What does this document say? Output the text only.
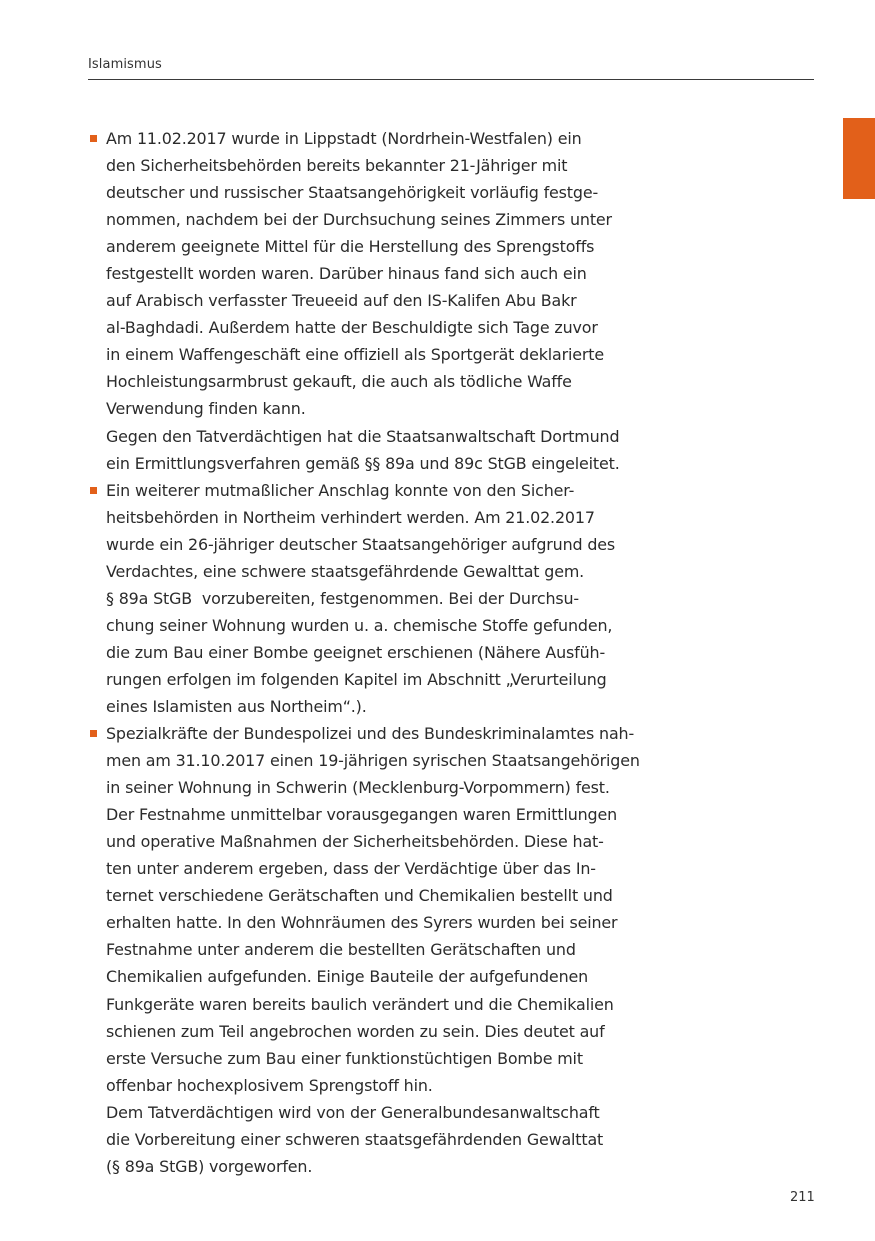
Islamismus
Am 11.02.2017 wurde in Lippstadt (Nordrhein-Westfalen) ein
den Sicherheitsbehörden bereits bekannter 21-Jähriger mit
deutscher und russischer Staatsangehörigkeit vorläufig festge-
nommen, nachdem bei der Durchsuchung seines Zimmers unter
anderem geeignete Mittel für die Herstellung des Sprengstoffs
festgestellt worden waren. Darüber hinaus fand sich auch ein
auf Arabisch verfasster Treueeid auf den IS-Kalifen Abu Bakr
al-Baghdadi. Außerdem hatte der Beschuldigte sich Tage zuvor
in einem Waffengeschäft eine offiziell als Sportgerät deklarierte
Hochleistungsarmbrust gekauft, die auch als tödliche Waffe
Verwendung finden kann.
Gegen den Tatverdächtigen hat die Staatsanwaltschaft Dortmund
ein Ermittlungsverfahren gemäß §§ 89a und 89c StGB eingeleitet.
Ein weiterer mutmaßlicher Anschlag konnte von den Sicher-
heitsbehörden in Northeim verhindert werden. Am 21.02.2017
wurde ein 26-jähriger deutscher Staatsangehöriger aufgrund des
Verdachtes, eine schwere staatsgefährdende Gewalttat gem.
§ 89a StGB  vorzubereiten, festgenommen. Bei der Durchsu-
chung seiner Wohnung wurden u. a. chemische Stoffe gefunden,
die zum Bau einer Bombe geeignet erschienen (Nähere Ausfüh-
rungen erfolgen im folgenden Kapitel im Abschnitt „Verurteilung
eines Islamisten aus Northeim“.).
Spezialkräfte der Bundespolizei und des Bundeskriminalamtes nah-
men am 31.10.2017 einen 19-jährigen syrischen Staatsangehörigen
in seiner Wohnung in Schwerin (Mecklenburg-Vorpommern) fest.
Der Festnahme unmittelbar vorausgegangen waren Ermittlungen
und operative Maßnahmen der Sicherheitsbehörden. Diese hat-
ten unter anderem ergeben, dass der Verdächtige über das In-
ternet verschiedene Gerätschaften und Chemikalien bestellt und
erhalten hatte. In den Wohnräumen des Syrers wurden bei seiner
Festnahme unter anderem die bestellten Gerätschaften und
Chemikalien aufgefunden. Einige Bauteile der aufgefundenen
Funkgeräte waren bereits baulich verändert und die Chemikalien
schienen zum Teil angebrochen worden zu sein. Dies deutet auf
erste Versuche zum Bau einer funktionstüchtigen Bombe mit
offenbar hochexplosivem Sprengstoff hin.
Dem Tatverdächtigen wird von der Generalbundesanwaltschaft
die Vorbereitung einer schweren staatsgefährdenden Gewalttat
(§ 89a StGB) vorgeworfen.
211
